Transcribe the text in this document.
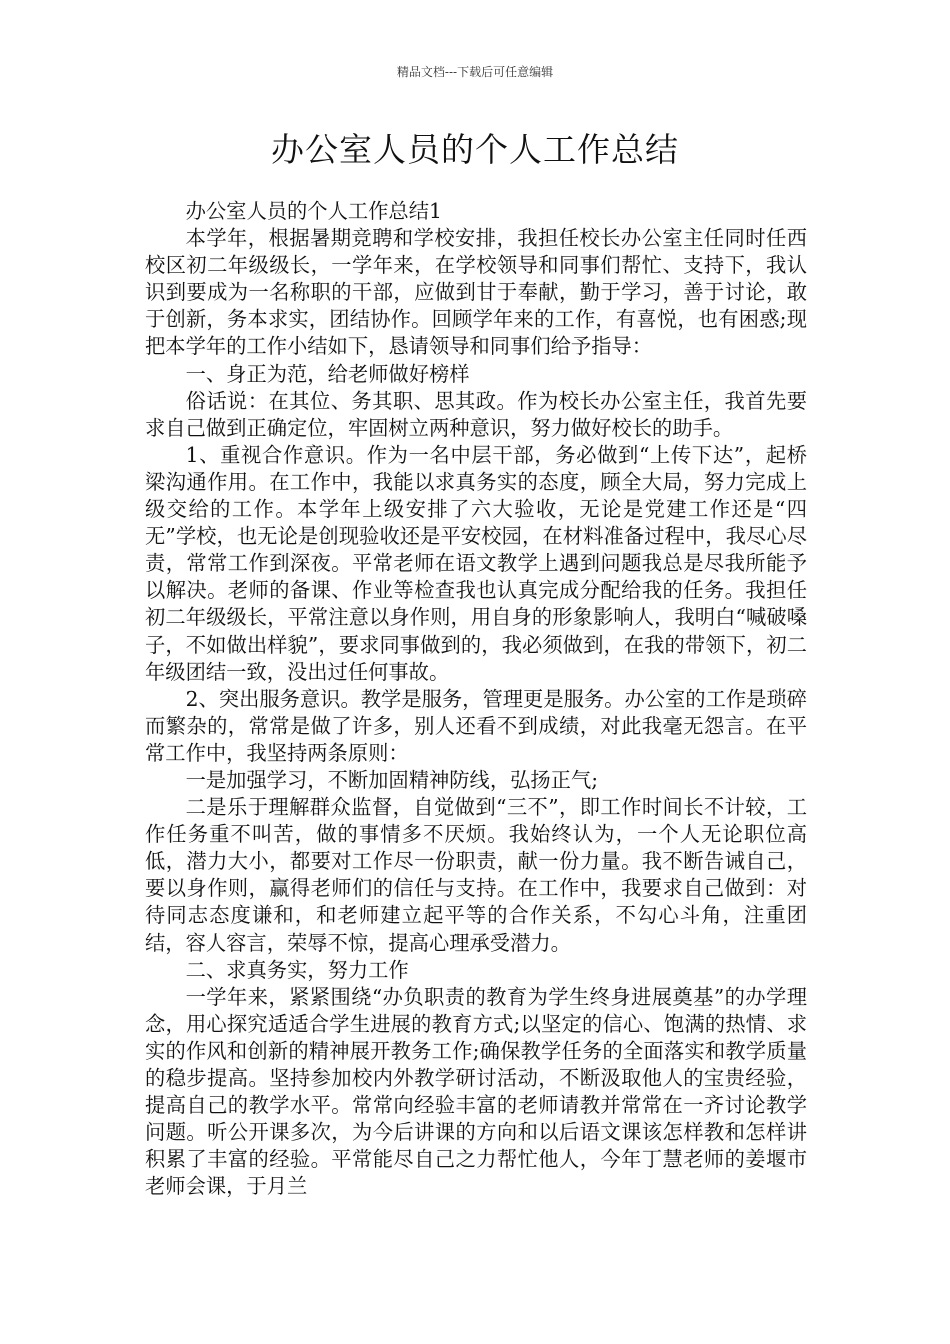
精品文档---下载后可任意编辑
办公室人员的个人工作总结

办公室人员的个人工作总结1

本学年，根据暑期竞聘和学校安排，我担任校长办公室主任同时任西校区初二年级级长，一学年来，在学校领导和同事们帮忙、支持下，我认识到要成为一名称职的干部，应做到甘于奉献，勤于学习，善于讨论，敢于创新，务本求实，团结协作。回顾学年来的工作，有喜悦，也有困惑;现把本学年的工作小结如下，恳请领导和同事们给予指导：

一、身正为范，给老师做好榜样

俗话说：在其位、务其职、思其政。作为校长办公室主任，我首先要求自己做到正确定位，牢固树立两种意识，努力做好校长的助手。

1、重视合作意识。作为一名中层干部，务必做到“上传下达”，起桥梁沟通作用。在工作中，我能以求真务实的态度，顾全大局，努力完成上级交给的工作。本学年上级安排了六大验收，无论是党建工作还是“四无”学校，也无论是创现验收还是平安校园，在材料准备过程中，我尽心尽责，常常工作到深夜。平常老师在语文教学上遇到问题我总是尽我所能予以解决。老师的备课、作业等检查我也认真完成分配给我的任务。我担任初二年级级长，平常注意以身作则，用自身的形象影响人，我明白“喊破嗓子，不如做出样貌”，要求同事做到的，我必须做到，在我的带领下，初二年级团结一致，没出过任何事故。

2、突出服务意识。教学是服务，管理更是服务。办公室的工作是琐碎而繁杂的，常常是做了许多，别人还看不到成绩，对此我毫无怨言。在平常工作中，我坚持两条原则：

一是加强学习，不断加固精神防线，弘扬正气;

二是乐于理解群众监督，自觉做到“三不”，即工作时间长不计较，工作任务重不叫苦，做的事情多不厌烦。我始终认为，一个人无论职位高低，潜力大小，都要对工作尽一份职责，献一份力量。我不断告诫自己，要以身作则，赢得老师们的信任与支持。在工作中，我要求自己做到：对待同志态度谦和，和老师建立起平等的合作关系，不勾心斗角，注重团结，容人容言，荣辱不惊，提高心理承受潜力。

二、求真务实，努力工作

一学年来，紧紧围绕“办负职责的教育为学生终身进展奠基”的办学理念，用心探究适适合学生进展的教育方式;以坚定的信心、饱满的热情、求实的作风和创新的精神展开教务工作;确保教学任务的全面落实和教学质量的稳步提高。坚持参加校内外教学研讨活动，不断汲取他人的宝贵经验，提高自己的教学水平。常常向经验丰富的老师请教并常常在一齐讨论教学问题。听公开课多次，为今后讲课的方向和以后语文课该怎样教和怎样讲积累了丰富的经验。平常能尽自己之力帮忙他人，今年丁慧老师的姜堰市老师会课，于月兰
